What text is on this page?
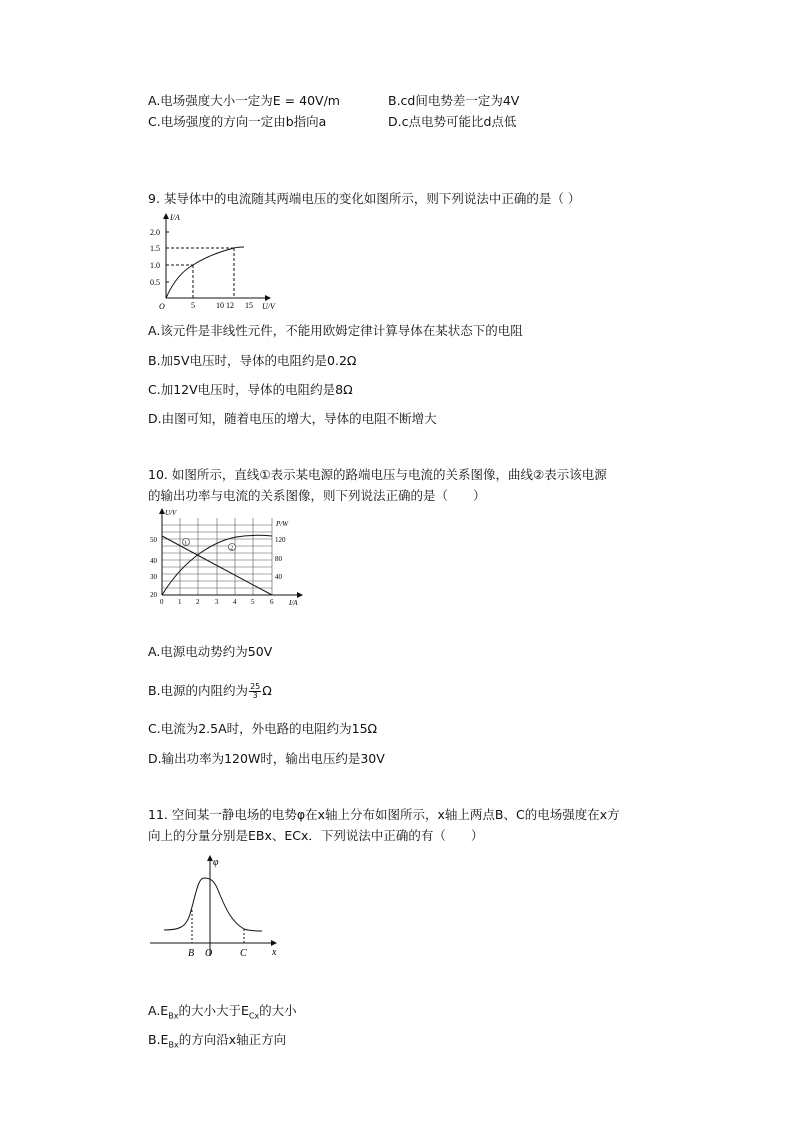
A.电场强度大小一定为E = 40V/m	B.cd间电势差一定为4V
C.电场强度的方向一定由b指向a	D.c点电势可能比d点低
9. 某导体中的电流随其两端电压的变化如图所示，则下列说法中正确的是（ ）
I/A
U/V
O
2.0
1.5
1.0
0.5
5	10 12 15
A.该元件是非线性元件，不能用欧姆定律计算导体在某状态下的电阻
B.加5V电压时，导体的电阻约是0.2Ω
C.加12V电压时，导体的电阻约是8Ω
D.由图可知，随着电压的增大，导体的电阻不断增大
10. 如图所示，直线①表示某电源的路端电压与电流的关系图像，曲线②表示该电源
的输出功率与电流的关系图像，则下列说法正确的是（　　）
U/V
P/W
I/A
50
40
30
20
120
80
40
0 1 2 3 4 5 6
1
2
A.电源电动势约为50V
B.电源的内阻约为 $\frac{25}{3}$ Ω
C.电流为2.5A时，外电路的电阻约为15Ω
D.输出功率为120W时，输出电压约是30V
11. 空间某一静电场的电势φ在x轴上分布如图所示，x轴上两点B、C的电场强度在x方
向上的分量分别是EBx、ECx．下列说法中正确的有（　　）
φ
x
B O	C
$A.E_{Bx}$的大小大于$E_{Cx}$的大小
$B.E_{Bx}$的方向沿x轴正方向
